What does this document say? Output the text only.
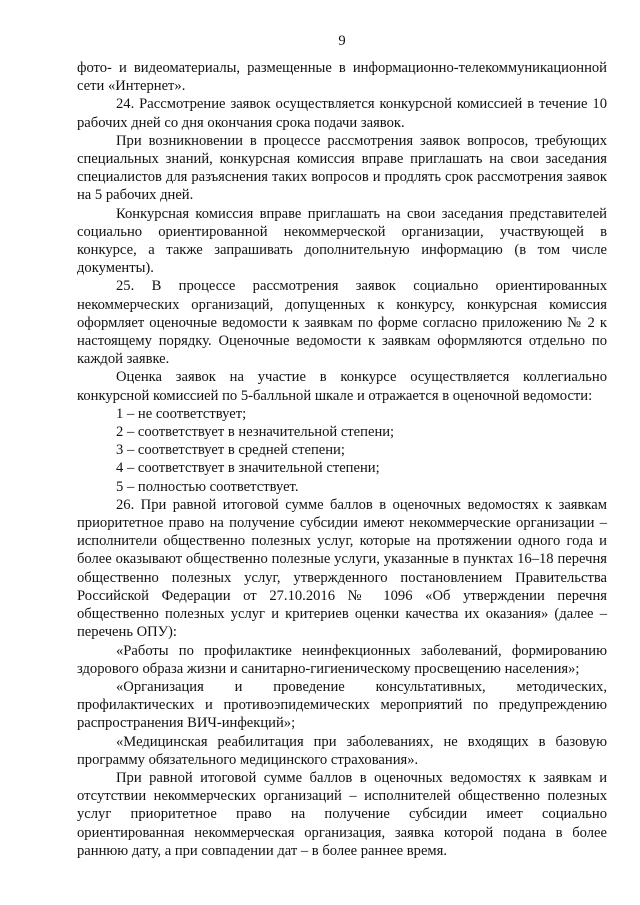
9

фото- и видеоматериалы, размещенные в информационно-телекоммуникационной сети «Интернет».

24. Рассмотрение заявок осуществляется конкурсной комиссией в течение 10 рабочих дней со дня окончания срока подачи заявок.

При возникновении в процессе рассмотрения заявок вопросов, требующих специальных знаний, конкурсная комиссия вправе приглашать на свои заседания специалистов для разъяснения таких вопросов и продлять срок рассмотрения заявок на 5 рабочих дней.

Конкурсная комиссия вправе приглашать на свои заседания представителей социально ориентированной некоммерческой организации, участвующей в конкурсе, а также запрашивать дополнительную информацию (в том числе документы).

25. В процессе рассмотрения заявок социально ориентированных некоммерческих организаций, допущенных к конкурсу, конкурсная комиссия оформляет оценочные ведомости к заявкам по форме согласно приложению № 2 к настоящему порядку. Оценочные ведомости к заявкам оформляются отдельно по каждой заявке.

Оценка заявок на участие в конкурсе осуществляется коллегиально конкурсной комиссией по 5-балльной шкале и отражается в оценочной ведомости:

1 – не соответствует;

2 – соответствует в незначительной степени;

3 – соответствует в средней степени;

4 – соответствует в значительной степени;

5 – полностью соответствует.

26. При равной итоговой сумме баллов в оценочных ведомостях к заявкам приоритетное право на получение субсидии имеют некоммерческие организации – исполнители общественно полезных услуг, которые на протяжении одного года и более оказывают общественно полезные услуги, указанные в пунктах 16–18 перечня общественно полезных услуг, утвержденного постановлением Правительства Российской Федерации от 27.10.2016 № 1096 «Об утверждении перечня общественно полезных услуг и критериев оценки качества их оказания» (далее – перечень ОПУ):

«Работы по профилактике неинфекционных заболеваний, формированию здорового образа жизни и санитарно-гигиеническому просвещению населения»;

«Организация и проведение консультативных, методических, профилактических и противоэпидемических мероприятий по предупреждению распространения ВИЧ-инфекций»;

«Медицинская реабилитация при заболеваниях, не входящих в базовую программу обязательного медицинского страхования».

При равной итоговой сумме баллов в оценочных ведомостях к заявкам и отсутствии некоммерческих организаций – исполнителей общественно полезных услуг приоритетное право на получение субсидии имеет социально ориентированная некоммерческая организация, заявка которой подана в более раннюю дату, а при совпадении дат – в более раннее время.
